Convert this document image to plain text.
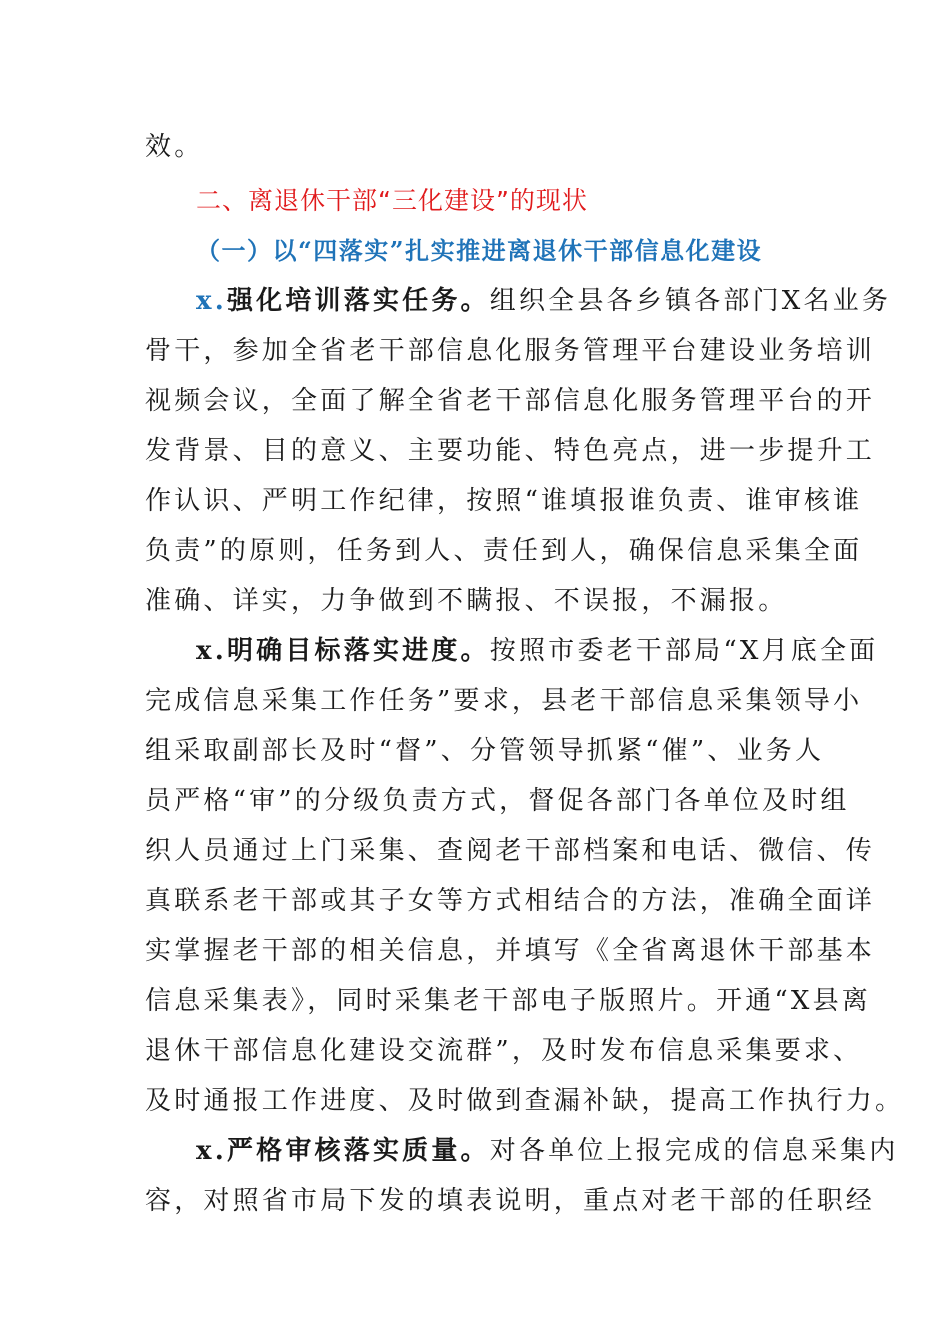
效。
二、离退休干部“三化建设”的现状
（一）以“四落实”扎实推进离退休干部信息化建设
x.强化培训落实任务。组织全县各乡镇各部门X名业务
骨干，参加全省老干部信息化服务管理平台建设业务培训
视频会议，全面了解全省老干部信息化服务管理平台的开
发背景、目的意义、主要功能、特色亮点，进一步提升工
作认识、严明工作纪律，按照“谁填报谁负责、谁审核谁
负责”的原则，任务到人、责任到人，确保信息采集全面
准确、详实，力争做到不瞒报、不误报，不漏报。
x.明确目标落实进度。按照市委老干部局“X月底全面
完成信息采集工作任务”要求，县老干部信息采集领导小
组采取副部长及时“督”、分管领导抓紧“催”、业务人
员严格“审”的分级负责方式，督促各部门各单位及时组
织人员通过上门采集、查阅老干部档案和电话、微信、传
真联系老干部或其子女等方式相结合的方法，准确全面详
实掌握老干部的相关信息，并填写《全省离退休干部基本
信息采集表》，同时采集老干部电子版照片。开通“X县离
退休干部信息化建设交流群”，及时发布信息采集要求、
及时通报工作进度、及时做到查漏补缺，提高工作执行力。
x.严格审核落实质量。对各单位上报完成的信息采集内
容，对照省市局下发的填表说明，重点对老干部的任职经
